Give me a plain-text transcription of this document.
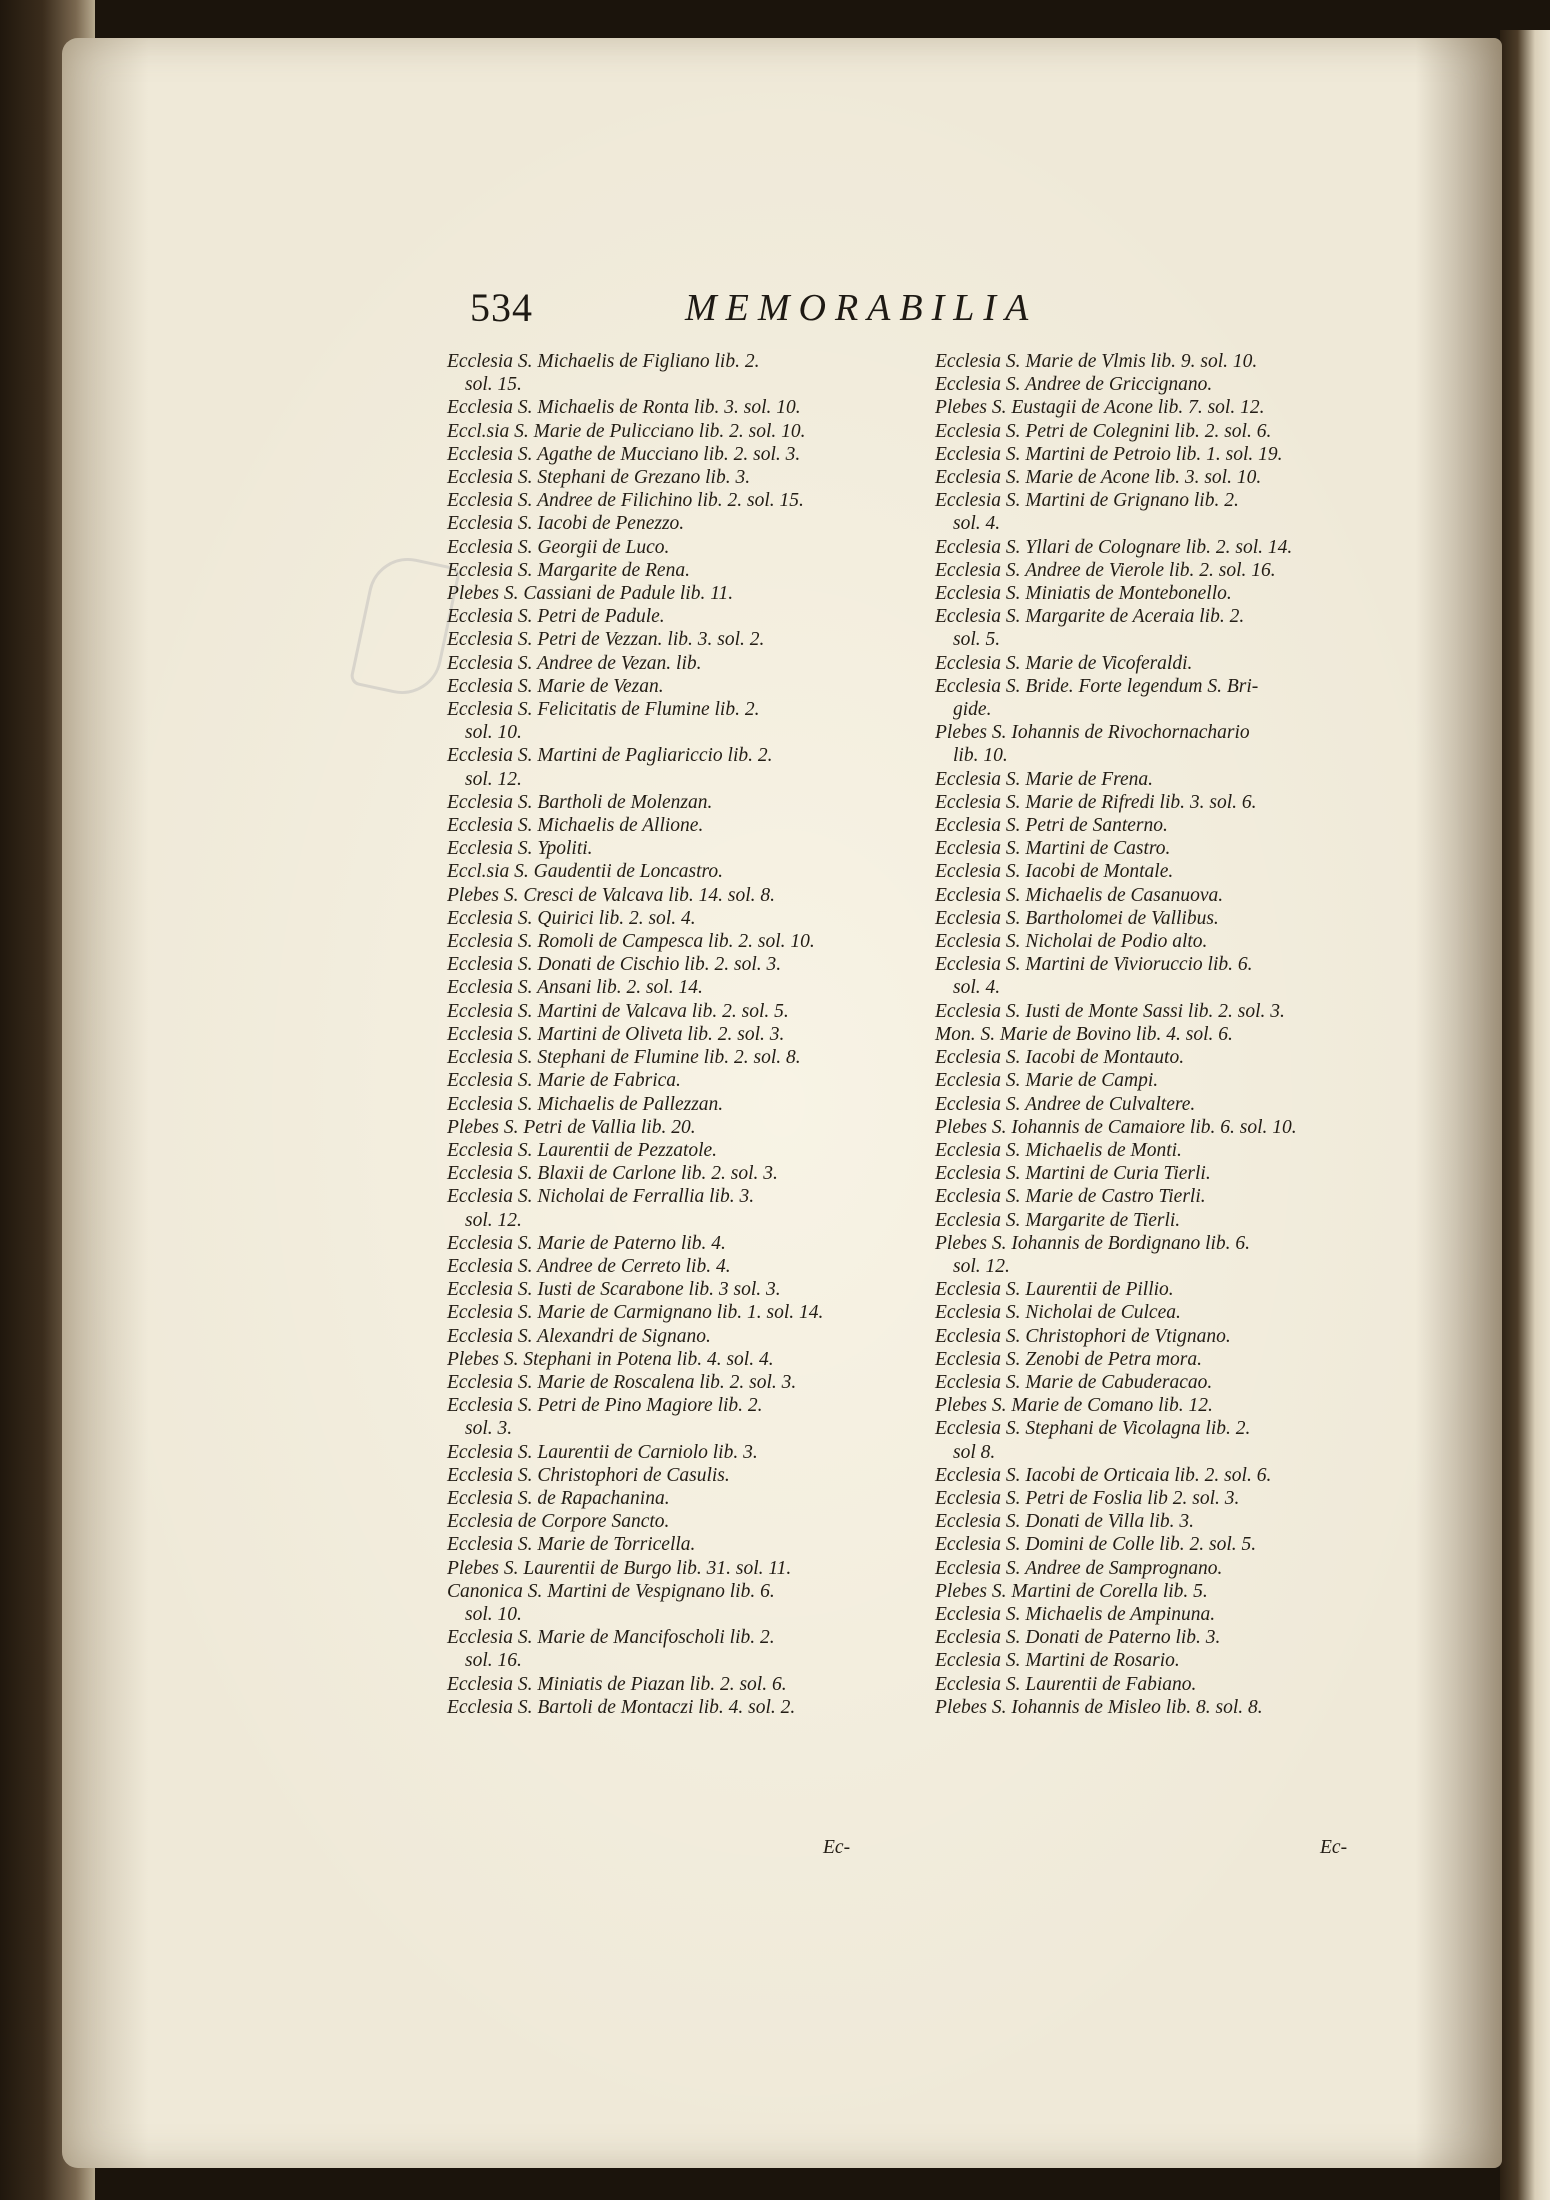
534	MEMORABILIA
Ecclesia S. Michaelis de Figliano lib. 2.
sol. 15.
Ecclesia S. Michaelis de Ronta lib. 3. sol. 10.
Eccl.sia S. Marie de Pulicciano lib. 2. sol. 10.
Ecclesia S. Agathe de Mucciano lib. 2. sol. 3.
Ecclesia S. Stephani de Grezano lib. 3.
Ecclesia S. Andree de Filichino lib. 2. sol. 15.
Ecclesia S. Iacobi de Penezzo.
Ecclesia S. Georgii de Luco.
Ecclesia S. Margarite de Rena.
Plebes S. Cassiani de Padule lib. 11.
Ecclesia S. Petri de Padule.
Ecclesia S. Petri de Vezzan. lib. 3. sol. 2.
Ecclesia S. Andree de Vezan. lib.
Ecclesia S. Marie de Vezan.
Ecclesia S. Felicitatis de Flumine lib. 2.
sol. 10.
Ecclesia S. Martini de Pagliariccio lib. 2.
sol. 12.
Ecclesia S. Bartholi de Molenzan.
Ecclesia S. Michaelis de Allione.
Ecclesia S. Ypoliti.
Eccl.sia S. Gaudentii de Loncastro.
Plebes S. Cresci de Valcava lib. 14. sol. 8.
Ecclesia S. Quirici lib. 2. sol. 4.
Ecclesia S. Romoli de Campesca lib. 2. sol. 10.
Ecclesia S. Donati de Cischio lib. 2. sol. 3.
Ecclesia S. Ansani lib. 2. sol. 14.
Ecclesia S. Martini de Valcava lib. 2. sol. 5.
Ecclesia S. Martini de Oliveta lib. 2. sol. 3.
Ecclesia S. Stephani de Flumine lib. 2. sol. 8.
Ecclesia S. Marie de Fabrica.
Ecclesia S. Michaelis de Pallezzan.
Plebes S. Petri de Vallia lib. 20.
Ecclesia S. Laurentii de Pezzatole.
Ecclesia S. Blaxii de Carlone lib. 2. sol. 3.
Ecclesia S. Nicholai de Ferrallia lib. 3.
sol. 12.
Ecclesia S. Marie de Paterno lib. 4.
Ecclesia S. Andree de Cerreto lib. 4.
Ecclesia S. Iusti de Scarabone lib. 3 sol. 3.
Ecclesia S. Marie de Carmignano lib. 1. sol. 14.
Ecclesia S. Alexandri de Signano.
Plebes S. Stephani in Potena lib. 4. sol. 4.
Ecclesia S. Marie de Roscalena lib. 2. sol. 3.
Ecclesia S. Petri de Pino Magiore lib. 2.
sol. 3.
Ecclesia S. Laurentii de Carniolo lib. 3.
Ecclesia S. Christophori de Casulis.
Ecclesia S. de Rapachanina.
Ecclesia de Corpore Sancto.
Ecclesia S. Marie de Torricella.
Plebes S. Laurentii de Burgo lib. 31. sol. 11.
Canonica S. Martini de Vespignano lib. 6.
sol. 10.
Ecclesia S. Marie de Mancifoscholi lib. 2.
sol. 16.
Ecclesia S. Miniatis de Piazan lib. 2. sol. 6.
Ecclesia S. Bartoli de Montaczi lib. 4. sol. 2.
Ecclesia S. Marie de Vlmis lib. 9. sol. 10.
Ecclesia S. Andree de Griccignano.
Plebes S. Eustagii de Acone lib. 7. sol. 12.
Ecclesia S. Petri de Colegnini lib. 2. sol. 6.
Ecclesia S. Martini de Petroio lib. 1. sol. 19.
Ecclesia S. Marie de Acone lib. 3. sol. 10.
Ecclesia S. Martini de Grignano lib. 2.
sol. 4.
Ecclesia S. Yllari de Colognare lib. 2. sol. 14.
Ecclesia S. Andree de Vierole lib. 2. sol. 16.
Ecclesia S. Miniatis de Montebonello.
Ecclesia S. Margarite de Aceraia lib. 2.
sol. 5.
Ecclesia S. Marie de Vicoferaldi.
Ecclesia S. Bride. Forte legendum S. Bri-
gide.
Plebes S. Iohannis de Rivochornachario
lib. 10.
Ecclesia S. Marie de Frena.
Ecclesia S. Marie de Rifredi lib. 3. sol. 6.
Ecclesia S. Petri de Santerno.
Ecclesia S. Martini de Castro.
Ecclesia S. Iacobi de Montale.
Ecclesia S. Michaelis de Casanuova.
Ecclesia S. Bartholomei de Vallibus.
Ecclesia S. Nicholai de Podio alto.
Ecclesia S. Martini de Vivioruccio lib. 6.
sol. 4.
Ecclesia S. Iusti de Monte Sassi lib. 2. sol. 3.
Mon. S. Marie de Bovino lib. 4. sol. 6.
Ecclesia S. Iacobi de Montauto.
Ecclesia S. Marie de Campi.
Ecclesia S. Andree de Culvaltere.
Plebes S. Iohannis de Camaiore lib. 6. sol. 10.
Ecclesia S. Michaelis de Monti.
Ecclesia S. Martini de Curia Tierli.
Ecclesia S. Marie de Castro Tierli.
Ecclesia S. Margarite de Tierli.
Plebes S. Iohannis de Bordignano lib. 6.
sol. 12.
Ecclesia S. Laurentii de Pillio.
Ecclesia S. Nicholai de Culcea.
Ecclesia S. Christophori de Vtignano.
Ecclesia S. Zenobi de Petra mora.
Ecclesia S. Marie de Cabuderacao.
Plebes S. Marie de Comano lib. 12.
Ecclesia S. Stephani de Vicolagna lib. 2.
sol 8.
Ecclesia S. Iacobi de Orticaia lib. 2. sol. 6.
Ecclesia S. Petri de Foslia lib 2. sol. 3.
Ecclesia S. Donati de Villa lib. 3.
Ecclesia S. Domini de Colle lib. 2. sol. 5.
Ecclesia S. Andree de Samprognano.
Plebes S. Martini de Corella lib. 5.
Ecclesia S. Michaelis de Ampinuna.
Ecclesia S. Donati de Paterno lib. 3.
Ecclesia S. Martini de Rosario.
Ecclesia S. Laurentii de Fabiano.
Plebes S. Iohannis de Misleo lib. 8. sol. 8.
Ec-	Ec-
